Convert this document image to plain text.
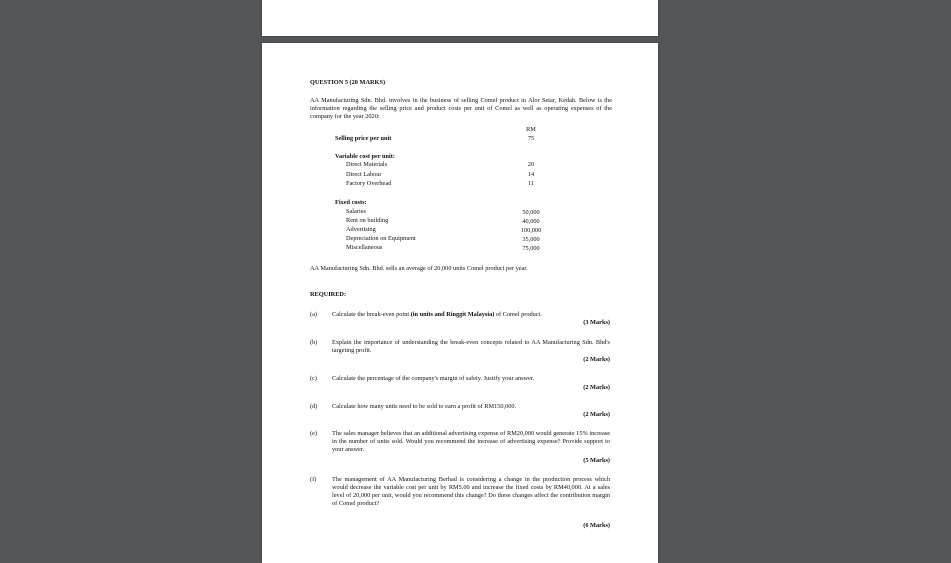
QUESTION 5 (20 MARKS)
AA Manufacturing Sdn. Bhd. involves in the business of selling Comel product in Alor Setar, Kedah. Below is the information regarding the selling price and product costs per unit of Comel as well as operating expenses of the company for the year 2020:
RM
Selling price per unit	75
Variable cost per unit:
Direct Materials	20
Direct Labour	14
Factory Overhead	11
Fixed costs:
Salaries	50,000
Rent on building	40,000
Advertising	100,000
Depreciation on Equipment	35,000
Miscellaneous	75,000
AA Manufacturing Sdn. Bhd. sells an average of 20,000 units Comel product per year.
REQUIRED:
(a) Calculate the break-even point (in units and Ringgit Malaysia) of Comel product.
(3 Marks)
(b) Explain the importance of understanding the break-even concepts related to AA Manufacturing Sdn. Bhd's targeting profit.
(2 Marks)
(c) Calculate the percentage of the company's margin of safety. Justify your answer.
(2 Marks)
(d) Calculate how many units need to be sold to earn a profit of RM150,000.
(2 Marks)
(e) The sales manager believes that an additional advertising expense of RM20,000 would generate 15% increase in the number of units sold. Would you recommend the increase of advertising expense? Provide support to your answer.
(5 Marks)
(f) The management of AA Manufacturing Berhad is considering a change in the production process which would decrease the variable cost per unit by RM5.00 and increase the fixed costs by RM40,000. At a sales level of 20,000 per unit, would you recommend this change? Do these changes affect the contribution margin of Comel product?
(6 Marks)
